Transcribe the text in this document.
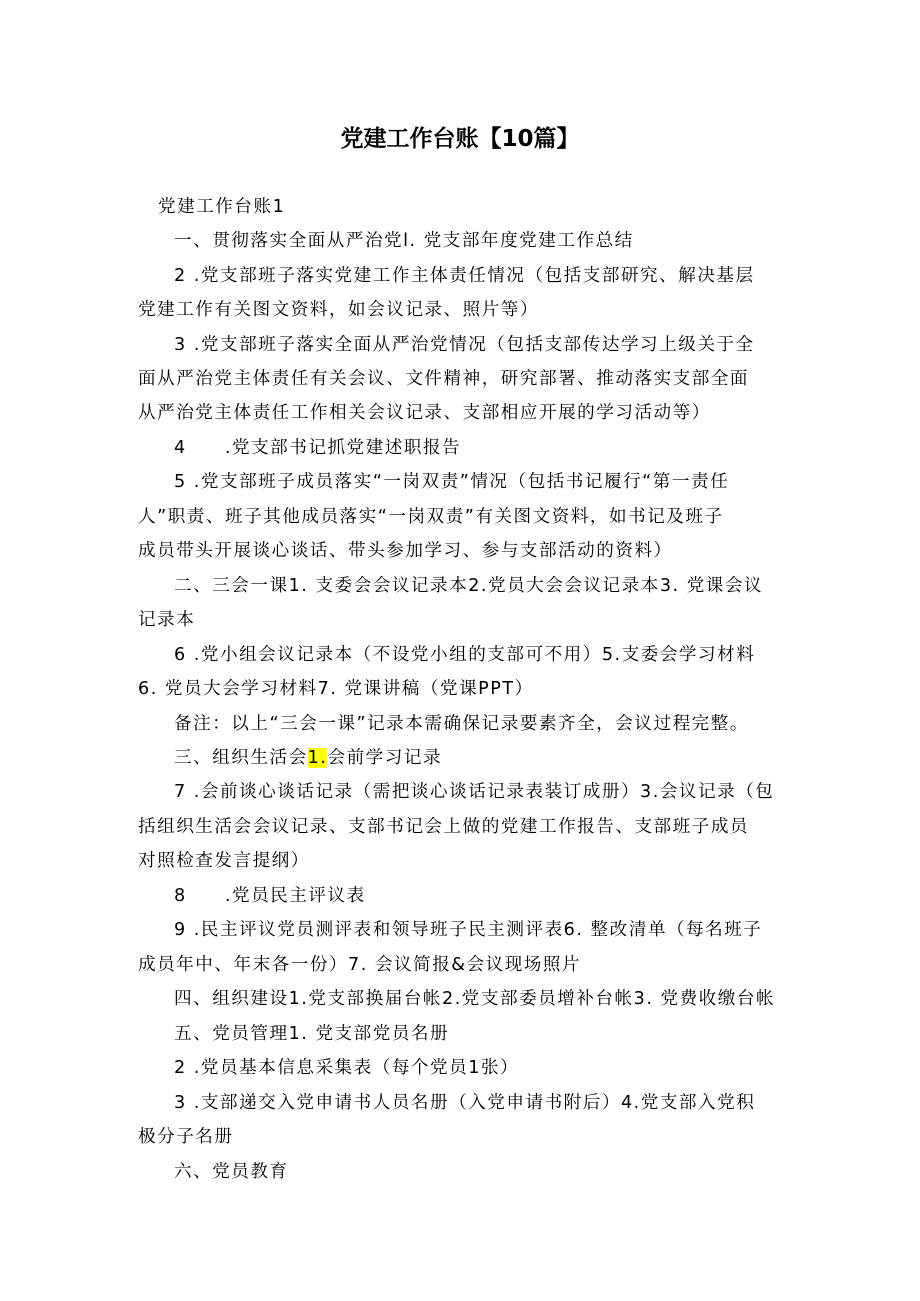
党建工作台账【10篇】
党建工作台账1
一、贯彻落实全面从严治党l. 党支部年度党建工作总结
2 .党支部班子落实党建工作主体责任情况（包括支部研究、解决基层
党建工作有关图文资料，如会议记录、照片等）
3 .党支部班子落实全面从严治党情况（包括支部传达学习上级关于全
面从严治党主体责任有关会议、文件精神，研究部署、推动落实支部全面
从严治党主体责任工作相关会议记录、支部相应开展的学习活动等）
4　　.党支部书记抓党建述职报告
5 .党支部班子成员落实“一岗双责”情况（包括书记履行“第一责任
人”职责、班子其他成员落实“一岗双责”有关图文资料，如书记及班子
成员带头开展谈心谈话、带头参加学习、参与支部活动的资料）
二、三会一课1. 支委会会议记录本2.党员大会会议记录本3. 党课会议
记录本
6 .党小组会议记录本（不设党小组的支部可不用）5.支委会学习材料
6. 党员大会学习材料7. 党课讲稿（党课PPT）
备注：以上“三会一课”记录本需确保记录要素齐全，会议过程完整。
三、组织生活会1.会前学习记录
7 .会前谈心谈话记录（需把谈心谈话记录表装订成册）3.会议记录（包
括组织生活会会议记录、支部书记会上做的党建工作报告、支部班子成员
对照检查发言提纲）
8　　.党员民主评议表
9 .民主评议党员测评表和领导班子民主测评表6. 整改清单（每名班子
成员年中、年末各一份）7. 会议简报&会议现场照片
四、组织建设1.党支部换届台帐2.党支部委员增补台帐3. 党费收缴台帐
五、党员管理1. 党支部党员名册
2 .党员基本信息采集表（每个党员1张）
3 .支部递交入党申请书人员名册（入党申请书附后）4.党支部入党积
极分子名册
六、党员教育
